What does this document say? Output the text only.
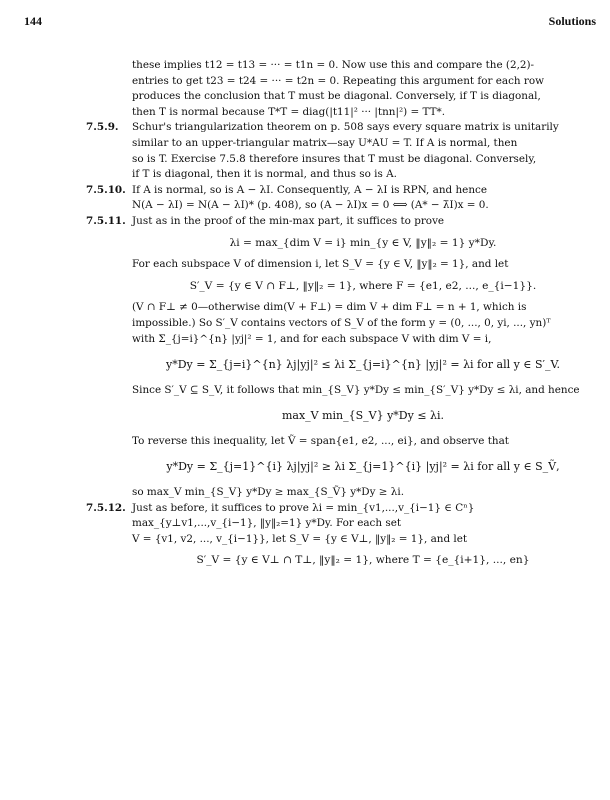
144	Solutions

these implies t12 = t13 = ··· = t1n = 0. Now use this and compare the (2,2)-

entries to get t23 = t24 = ··· = t2n = 0. Repeating this argument for each row

produces the conclusion that T must be diagonal. Conversely, if T is diagonal,

then T is normal because T*T = diag(|t11|² ··· |tnn|²) = TT*.

7.5.9.	Schur's triangularization theorem on p. 508 says every square matrix is unitarily

similar to an upper-triangular matrix—say U*AU = T. If A is normal, then

so is T. Exercise 7.5.8 therefore insures that T must be diagonal. Conversely,

if T is diagonal, then it is normal, and thus so is A.

7.5.10. If A is normal, so is A − λI. Consequently, A − λI is RPN, and hence

N(A − λI) = N(A − λI)* (p. 408), so (A − λI)x = 0 ⟺ (A* − λ̄I)x = 0.

7.5.11. Just as in the proof of the min-max part, it suffices to prove

λi = max_{dim V = i} min_{y ∈ V, ‖y‖₂ = 1} y*Dy.

For each subspace V of dimension i, let S_V = {y ∈ V, ‖y‖₂ = 1}, and let

S′_V = {y ∈ V ∩ F⊥, ‖y‖₂ = 1}, where F = {e1, e2, ..., e_{i−1}}.

(V ∩ F⊥ ≠ 0—otherwise dim(V + F⊥) = dim V + dim F⊥ = n + 1, which is

impossible.) So S′_V contains vectors of S_V of the form y = (0, ..., 0, yi, ..., yn)ᵀ

with Σ_{j=i}^{n} |yj|² = 1, and for each subspace V with dim V = i,

y*Dy = Σ_{j=i}^{n} λj|yj|² ≤ λi Σ_{j=i}^{n} |yj|² = λi for all y ∈ S′_V.

Since S′_V ⊆ S_V, it follows that min_{S_V} y*Dy ≤ min_{S′_V} y*Dy ≤ λi, and hence

max_V min_{S_V} y*Dy ≤ λi.

To reverse this inequality, let Ṽ = span{e1, e2, ..., ei}, and observe that

y*Dy = Σ_{j=1}^{i} λj|yj|² ≥ λi Σ_{j=1}^{i} |yj|² = λi for all y ∈ S_Ṽ,

so max_V min_{S_V} y*Dy ≥ max_{S_Ṽ} y*Dy ≥ λi.

7.5.12. Just as before, it suffices to prove λi = min_{v1,...,v_{i−1} ∈ Cⁿ} max_{y⊥v1,...,v_{i−1}, ‖y‖₂=1} y*Dy. For each set

V = {v1, v2, ..., v_{i−1}}, let S_V = {y ∈ V⊥, ‖y‖₂ = 1}, and let

S′_V = {y ∈ V⊥ ∩ T⊥, ‖y‖₂ = 1}, where T = {e_{i+1}, ..., en}
